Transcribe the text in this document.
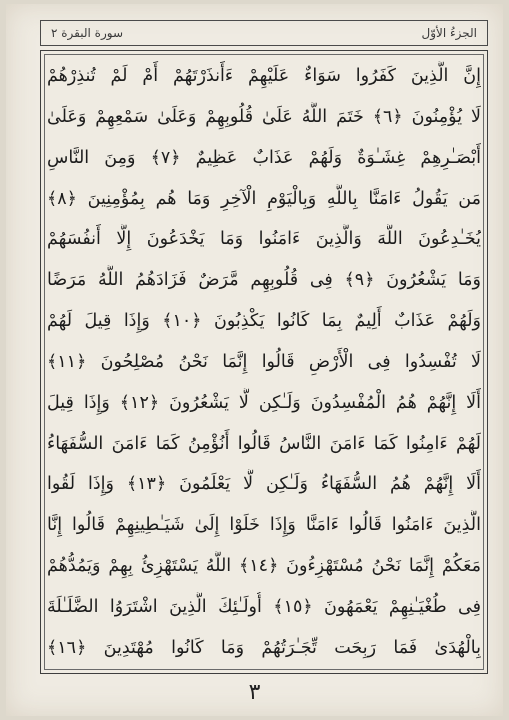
الجزءُ الأوّل
سورة البقرة ٢
إِنَّ الَّذِينَ كَفَرُوا سَوَاءٌ عَلَيْهِمْ ءَأَنذَرْتَهُمْ أَمْ لَمْ تُنذِرْهُمْ
لَا يُؤْمِنُونَ ﴿٦﴾ خَتَمَ اللَّهُ عَلَىٰ قُلُوبِهِمْ وَعَلَىٰ سَمْعِهِمْ وَعَلَىٰ
أَبْصَـٰرِهِمْ غِشَـٰوَةٌ وَلَهُمْ عَذَابٌ عَظِيمٌ ﴿٧﴾ وَمِنَ النَّاسِ
مَن يَقُولُ ءَامَنَّا بِاللَّهِ وَبِالْيَوْمِ الْآخِرِ وَمَا هُم بِمُؤْمِنِينَ ﴿٨﴾
يُخَـٰدِعُونَ اللَّهَ وَالَّذِينَ ءَامَنُوا وَمَا يَخْدَعُونَ إِلَّا أَنفُسَهُمْ
وَمَا يَشْعُرُونَ ﴿٩﴾ فِى قُلُوبِهِم مَّرَضٌ فَزَادَهُمُ اللَّهُ مَرَضًا
وَلَهُمْ عَذَابٌ أَلِيمٌ بِمَا كَانُوا يَكْذِبُونَ ﴿١٠﴾ وَإِذَا قِيلَ لَهُمْ
لَا تُفْسِدُوا فِى الْأَرْضِ قَالُوا إِنَّمَا نَحْنُ مُصْلِحُونَ ﴿١١﴾
أَلَا إِنَّهُمْ هُمُ الْمُفْسِدُونَ وَلَـٰكِن لَّا يَشْعُرُونَ ﴿١٢﴾ وَإِذَا قِيلَ
لَهُمْ ءَامِنُوا كَمَا ءَامَنَ النَّاسُ قَالُوا أَنُؤْمِنُ كَمَا ءَامَنَ السُّفَهَاءُ
أَلَا إِنَّهُمْ هُمُ السُّفَهَاءُ وَلَـٰكِن لَّا يَعْلَمُونَ ﴿١٣﴾ وَإِذَا لَقُوا
الَّذِينَ ءَامَنُوا قَالُوا ءَامَنَّا وَإِذَا خَلَوْا إِلَىٰ شَيَـٰطِينِهِمْ قَالُوا إِنَّا
مَعَكُمْ إِنَّمَا نَحْنُ مُسْتَهْزِءُونَ ﴿١٤﴾ اللَّهُ يَسْتَهْزِئُ بِهِمْ وَيَمُدُّهُمْ
فِى طُغْيَـٰنِهِمْ يَعْمَهُونَ ﴿١٥﴾ أُولَـٰئِكَ الَّذِينَ اشْتَرَوُا الضَّلَـٰلَةَ
بِالْهُدَىٰ فَمَا رَبِحَت تِّجَـٰرَتُهُمْ وَمَا كَانُوا مُهْتَدِينَ ﴿١٦﴾
٣
